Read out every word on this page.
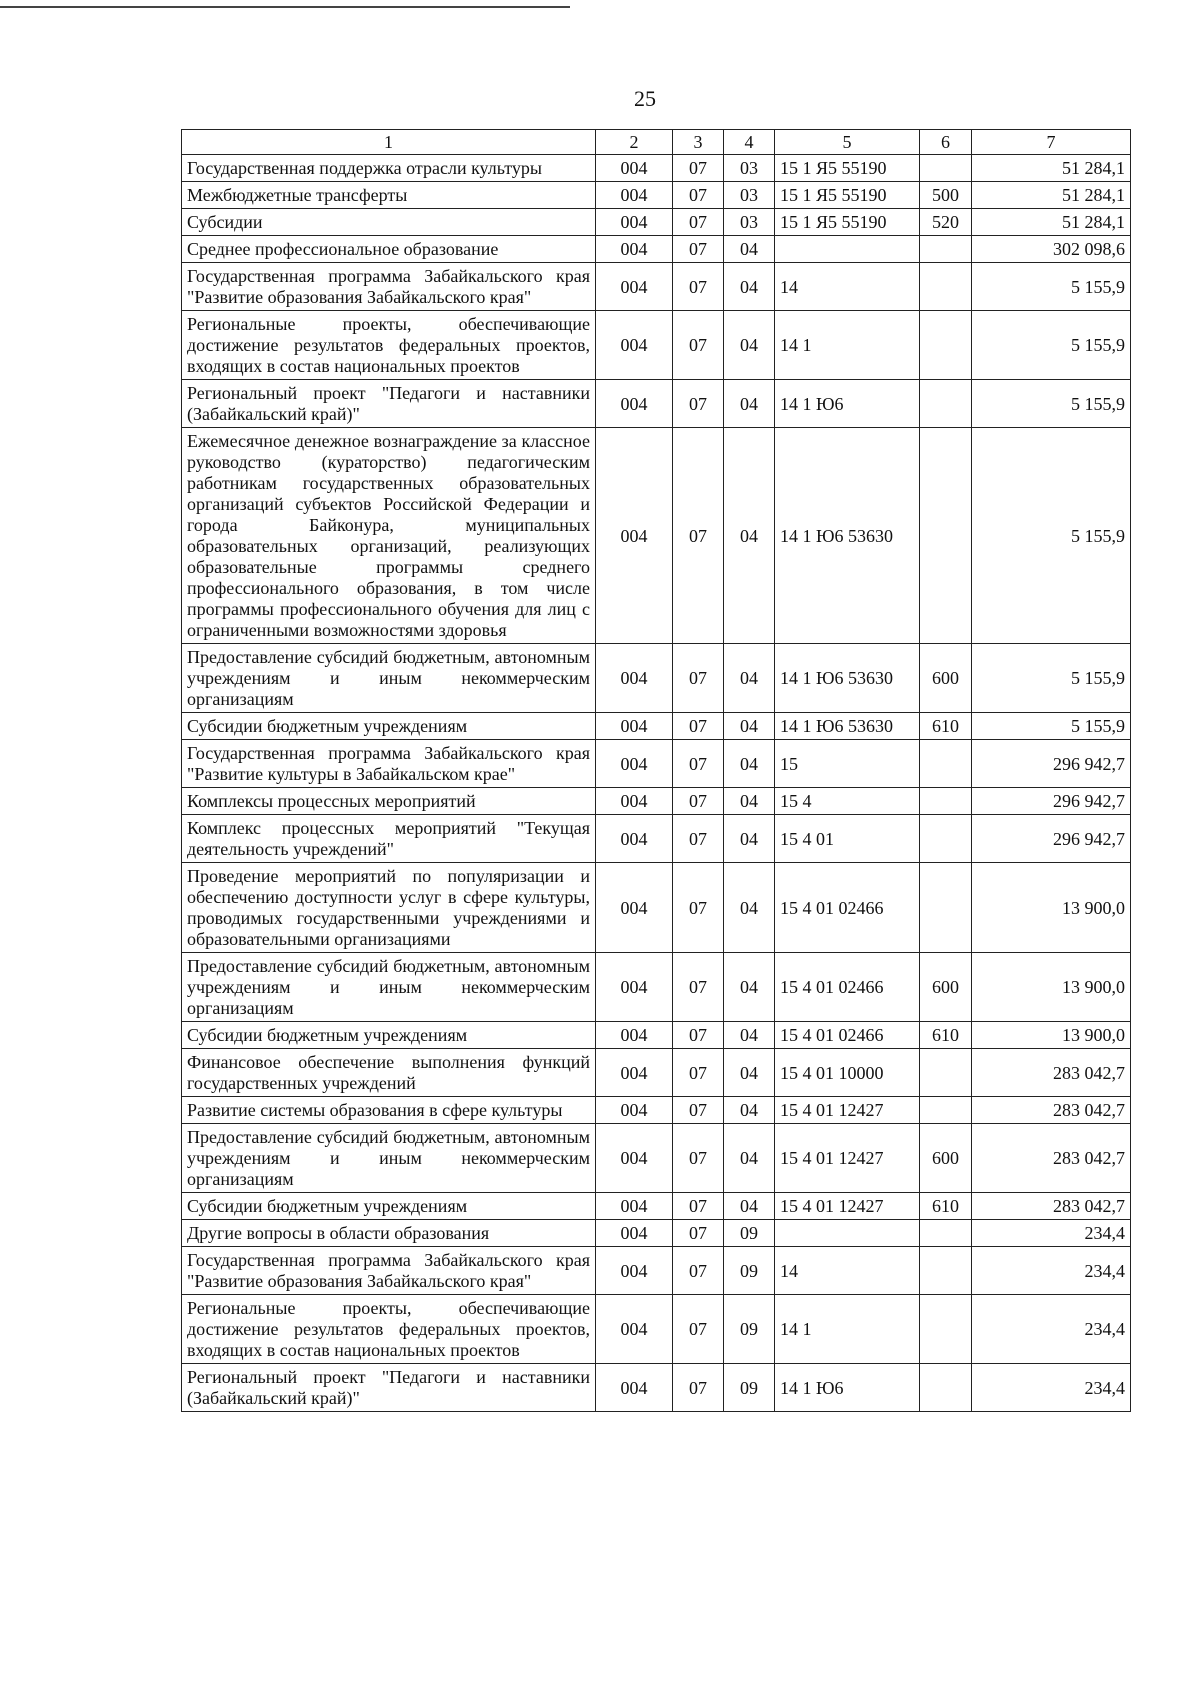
25
1	2	3	4	5	6	7
Государственная поддержка отрасли культуры	004	07	03	15 1 Я5 55190		51 284,1
Межбюджетные трансферты	004	07	03	15 1 Я5 55190	500	51 284,1
Субсидии	004	07	03	15 1 Я5 55190	520	51 284,1
Среднее профессиональное образование	004	07	04			302 098,6
Государственная программа Забайкальского края "Развитие образования Забайкальского края"	004	07	04	14		5 155,9
Региональные проекты, обеспечивающие достижение результатов федеральных проектов, входящих в состав национальных проектов	004	07	04	14 1		5 155,9
Региональный проект "Педагоги и наставники (Забайкальский край)"	004	07	04	14 1 Ю6		5 155,9
Ежемесячное денежное вознаграждение за классное руководство (кураторство) педагогическим работникам государственных образовательных организаций субъектов Российской Федерации и города Байконура, муниципальных образовательных организаций, реализующих образовательные программы среднего профессионального образования, в том числе программы профессионального обучения для лиц с ограниченными возможностями здоровья	004	07	04	14 1 Ю6 53630		5 155,9
Предоставление субсидий бюджетным, автономным учреждениям и иным некоммерческим организациям	004	07	04	14 1 Ю6 53630	600	5 155,9
Субсидии бюджетным учреждениям	004	07	04	14 1 Ю6 53630	610	5 155,9
Государственная программа Забайкальского края "Развитие культуры в Забайкальском крае"	004	07	04	15		296 942,7
Комплексы процессных мероприятий	004	07	04	15 4		296 942,7
Комплекс процессных мероприятий "Текущая деятельность учреждений"	004	07	04	15 4 01		296 942,7
Проведение мероприятий по популяризации и обеспечению доступности услуг в сфере культуры, проводимых государственными учреждениями и образовательными организациями	004	07	04	15 4 01 02466		13 900,0
Предоставление субсидий бюджетным, автономным учреждениям и иным некоммерческим организациям	004	07	04	15 4 01 02466	600	13 900,0
Субсидии бюджетным учреждениям	004	07	04	15 4 01 02466	610	13 900,0
Финансовое обеспечение выполнения функций государственных учреждений	004	07	04	15 4 01 10000		283 042,7
Развитие системы образования в сфере культуры	004	07	04	15 4 01 12427		283 042,7
Предоставление субсидий бюджетным, автономным учреждениям и иным некоммерческим организациям	004	07	04	15 4 01 12427	600	283 042,7
Субсидии бюджетным учреждениям	004	07	04	15 4 01 12427	610	283 042,7
Другие вопросы в области образования	004	07	09			234,4
Государственная программа Забайкальского края "Развитие образования Забайкальского края"	004	07	09	14		234,4
Региональные проекты, обеспечивающие достижение результатов федеральных проектов, входящих в состав национальных проектов	004	07	09	14 1		234,4
Региональный проект "Педагоги и наставники (Забайкальский край)"	004	07	09	14 1 Ю6		234,4
